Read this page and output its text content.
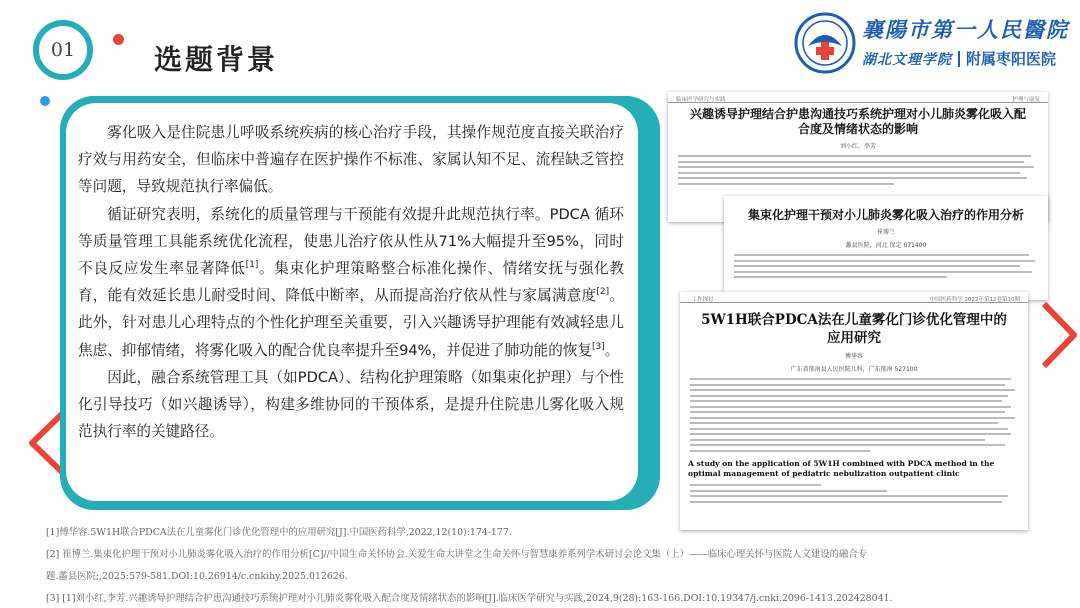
01	选题背景
襄陽市第一人民醫院
湖北文理学院 附属枣阳医院

雾化吸入是住院患儿呼吸系统疾病的核心治疗手段，其操作规范度直接关联治疗疗效与用药安全，但临床中普遍存在医护操作不标准、家属认知不足、流程缺乏管控等问题，导致规范执行率偏低。

循证研究表明，系统化的质量管理与干预能有效提升此规范执行率。PDCA 循环等质量管理工具能系统优化流程，使患儿治疗依从性从71%大幅提升至95%，同时不良反应发生率显著降低[1]。集束化护理策略整合标准化操作、情绪安抚与强化教育，能有效延长患儿耐受时间、降低中断率，从而提高治疗依从性与家属满意度[2]。此外，针对患儿心理特点的个性化护理至关重要，引入兴趣诱导护理能有效减轻患儿焦虑、抑郁情绪，将雾化吸入的配合优良率提升至94%，并促进了肺功能的恢复[3]。

因此，融合系统管理工具（如PDCA）、结构化护理策略（如集束化护理）与个性化引导技巧（如兴趣诱导），构建多维协同的干预体系，是提升住院患儿雾化吸入规范执行率的关键路径。

临床医学研究与实践	护理与康复
兴趣诱导护理结合护患沟通技巧系统护理对小儿肺炎雾化吸入配合度及情绪状态的影响
刘小红，李芳
集束化护理干预对小儿肺炎雾化吸入治疗的作用分析
崔博兰
蠡县医院，河北 保定 071400
· 工作探讨 ·	中国医药科学 2022年第12卷第10期
5W1H联合PDCA法在儿童雾化门诊优化管理中的应用研究
傅华容
广东省郁南县人民医院儿科，广东郁南 527100
A study on the application of 5W1H combined with PDCA method in the optimal management of pediatric nebulization outpatient clinic

[1]傅华容.5W1H联合PDCA法在儿童雾化门诊优化管理中的应用研究[J].中国医药科学,2022,12(10):174-177.

[2] 崔博兰.集束化护理干预对小儿肺炎雾化吸入治疗的作用分析[C]//中国生命关怀协会.关爱生命大讲堂之生命关怀与智慧康养系列学术研讨会论文集（上）——临床心理关怀与医院人文建设的融合专

题.蠡县医院;,2025:579-581.DOI:10.26914/c.cnkihy.2025.012626.

[3] [1]刘小红,李芳.兴趣诱导护理结合护患沟通技巧系统护理对小儿肺炎雾化吸入配合度及情绪状态的影响[J].临床医学研究与实践,2024,9(28):163-166.DOI:10.19347/j.cnki.2096-1413.202428041.
